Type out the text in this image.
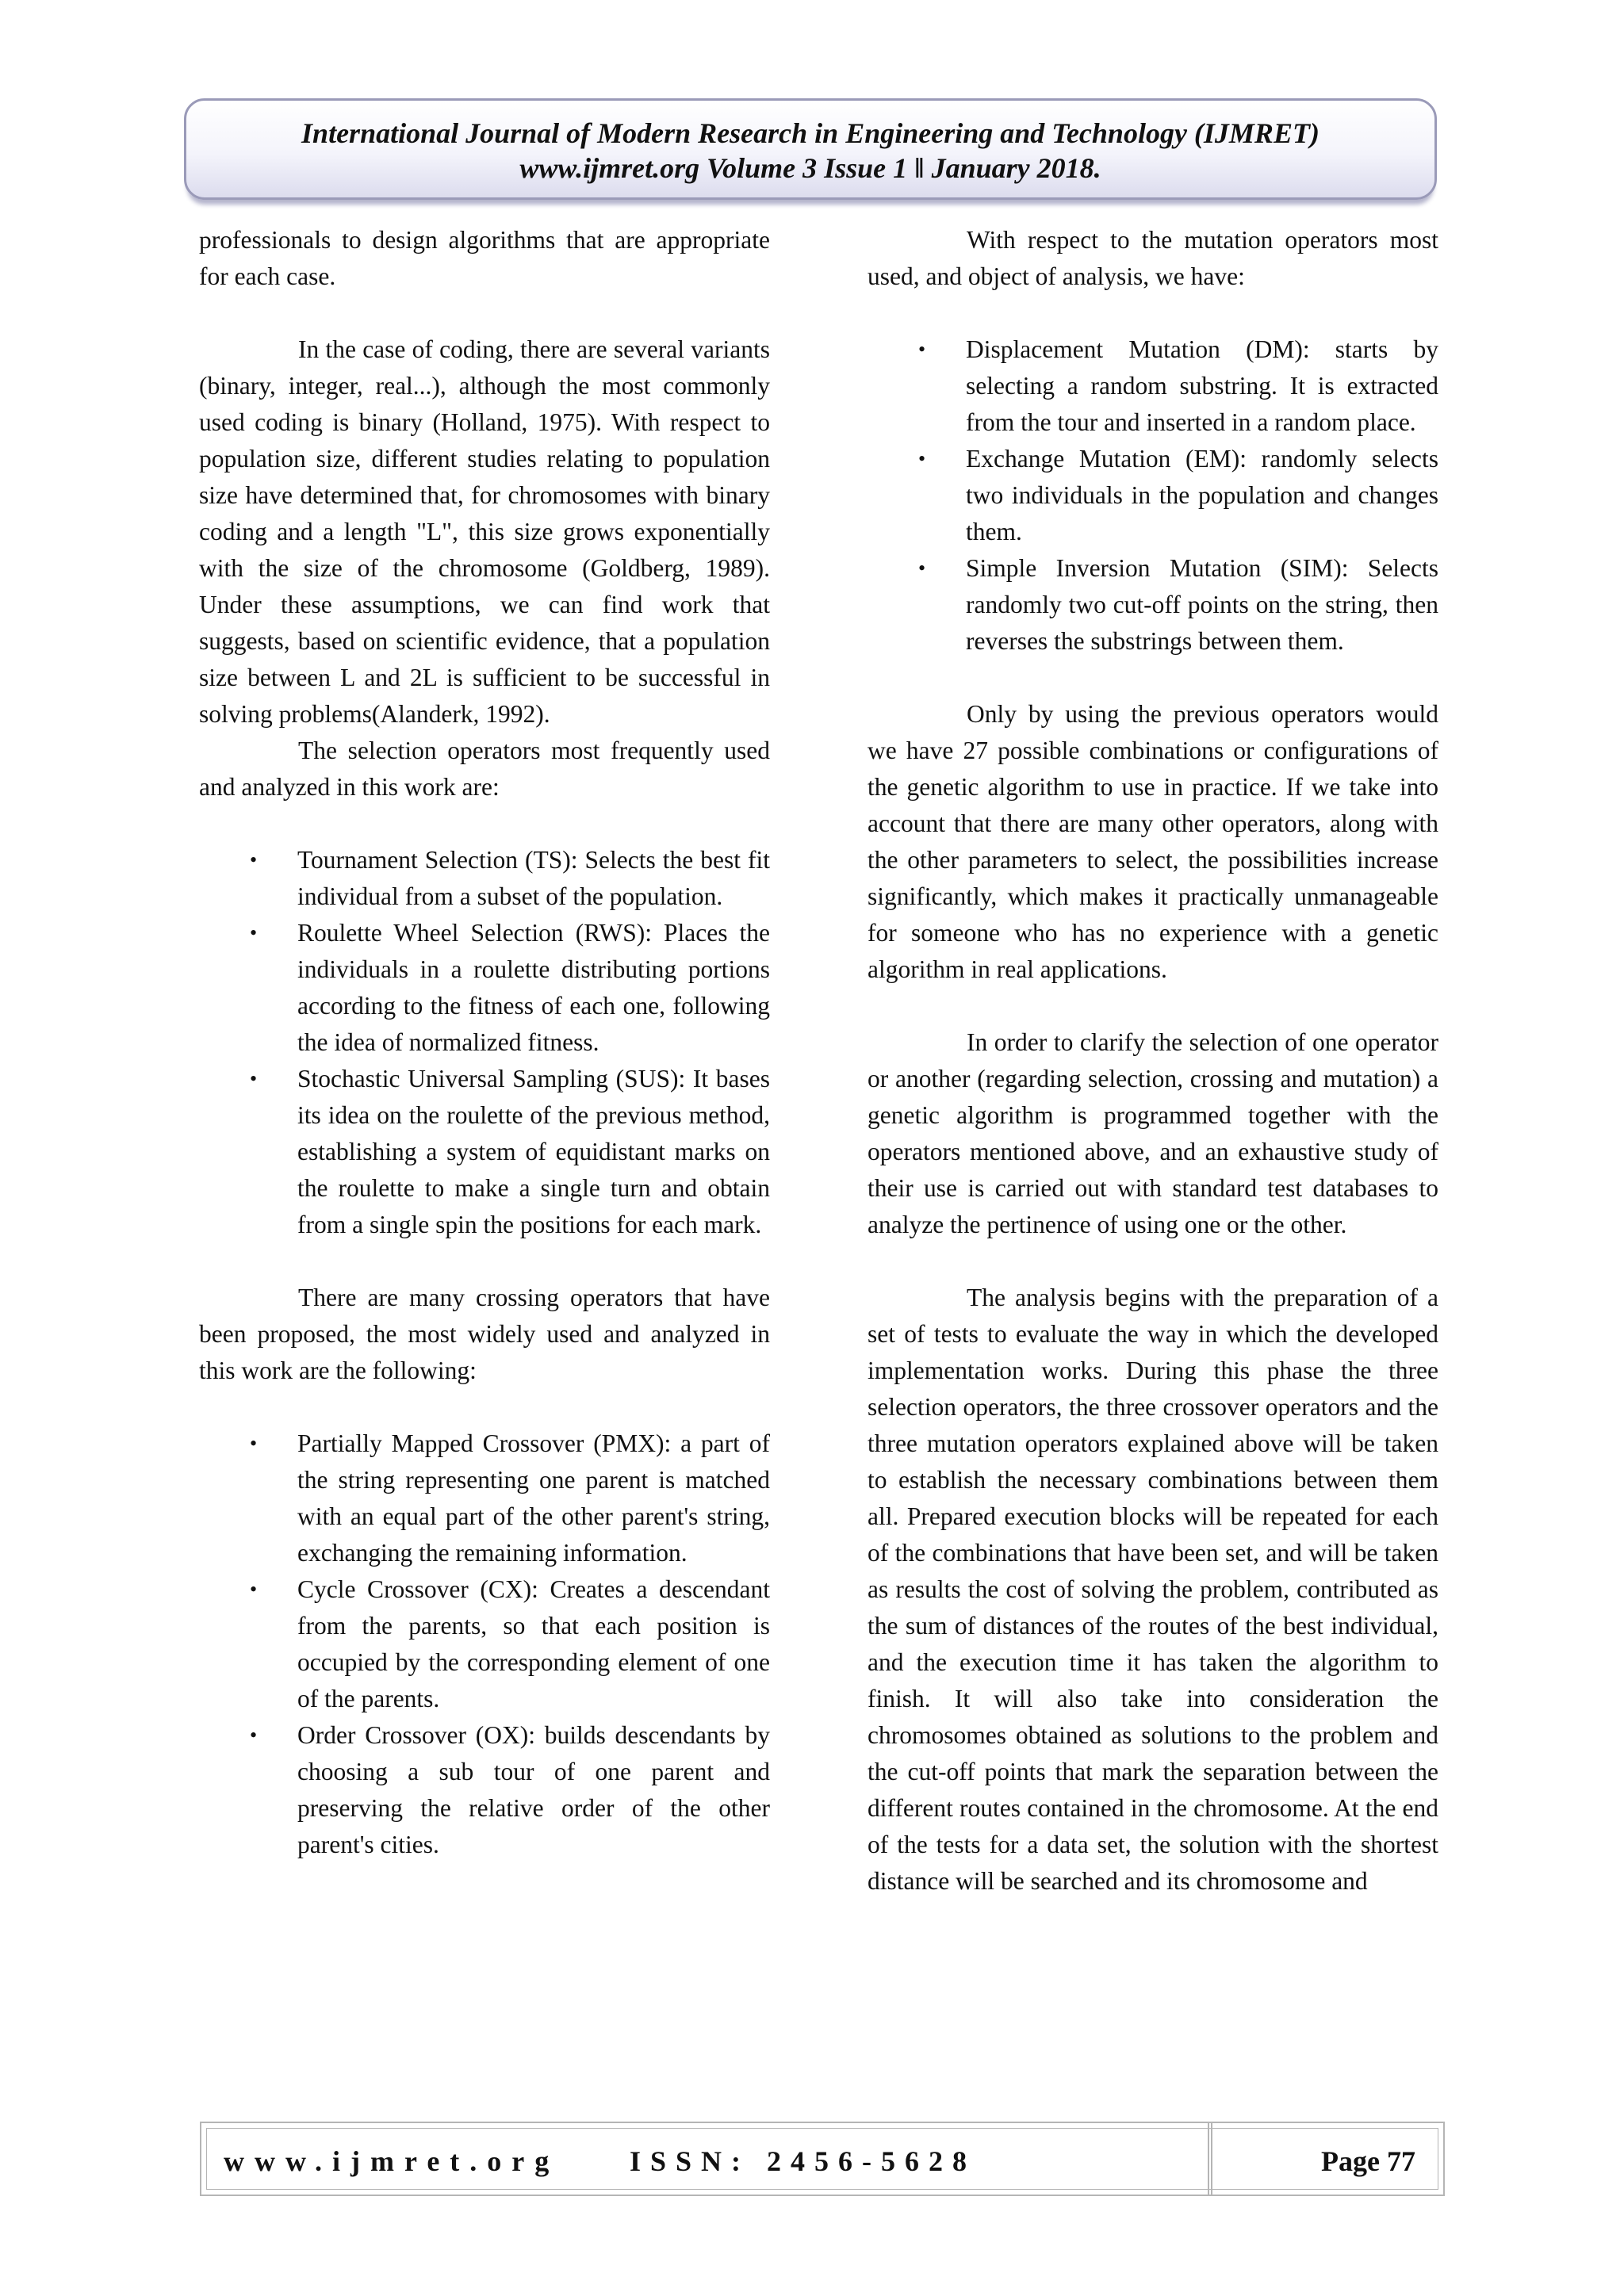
International Journal of Modern Research in Engineering and Technology (IJMRET)
www.ijmret.org Volume 3 Issue 1 ǁ January 2018.

professionals to design algorithms that are appropriate for each case.

In the case of coding, there are several variants (binary, integer, real...), although the most commonly used coding is binary (Holland, 1975). With respect to population size, different studies relating to population size have determined that, for chromosomes with binary coding and a length "L", this size grows exponentially with the size of the chromosome (Goldberg, 1989). Under these assumptions, we can find work that suggests, based on scientific evidence, that a population size between L and 2L is sufficient to be successful in solving problems(Alanderk, 1992).

The selection operators most frequently used and analyzed in this work are:

• Tournament Selection (TS): Selects the best fit individual from a subset of the population.
• Roulette Wheel Selection (RWS): Places the individuals in a roulette distributing portions according to the fitness of each one, following the idea of normalized fitness.
• Stochastic Universal Sampling (SUS): It bases its idea on the roulette of the previous method, establishing a system of equidistant marks on the roulette to make a single turn and obtain from a single spin the positions for each mark.

There are many crossing operators that have been proposed, the most widely used and analyzed in this work are the following:

• Partially Mapped Crossover (PMX): a part of the string representing one parent is matched with an equal part of the other parent's string, exchanging the remaining information.
• Cycle Crossover (CX): Creates a descendant from the parents, so that each position is occupied by the corresponding element of one of the parents.
• Order Crossover (OX): builds descendants by choosing a sub tour of one parent and preserving the relative order of the other parent's cities.

With respect to the mutation operators most used, and object of analysis, we have:

• Displacement Mutation (DM): starts by selecting a random substring. It is extracted from the tour and inserted in a random place.
• Exchange Mutation (EM): randomly selects two individuals in the population and changes them.
• Simple Inversion Mutation (SIM): Selects randomly two cut-off points on the string, then reverses the substrings between them.

Only by using the previous operators would we have 27 possible combinations or configurations of the genetic algorithm to use in practice. If we take into account that there are many other operators, along with the other parameters to select, the possibilities increase significantly, which makes it practically unmanageable for someone who has no experience with a genetic algorithm in real applications.

In order to clarify the selection of one operator or another (regarding selection, crossing and mutation) a genetic algorithm is programmed together with the operators mentioned above, and an exhaustive study of their use is carried out with standard test databases to analyze the pertinence of using one or the other.

The analysis begins with the preparation of a set of tests to evaluate the way in which the developed implementation works. During this phase the three selection operators, the three crossover operators and the three mutation operators explained above will be taken to establish the necessary combinations between them all. Prepared execution blocks will be repeated for each of the combinations that have been set, and will be taken as results the cost of solving the problem, contributed as the sum of distances of the routes of the best individual, and the execution time it has taken the algorithm to finish. It will also take into consideration the chromosomes obtained as solutions to the problem and the cut-off points that mark the separation between the different routes contained in the chromosome. At the end of the tests for a data set, the solution with the shortest distance will be searched and its chromosome and

www.ijmret.org ISSN: 2456-5628	Page 77
